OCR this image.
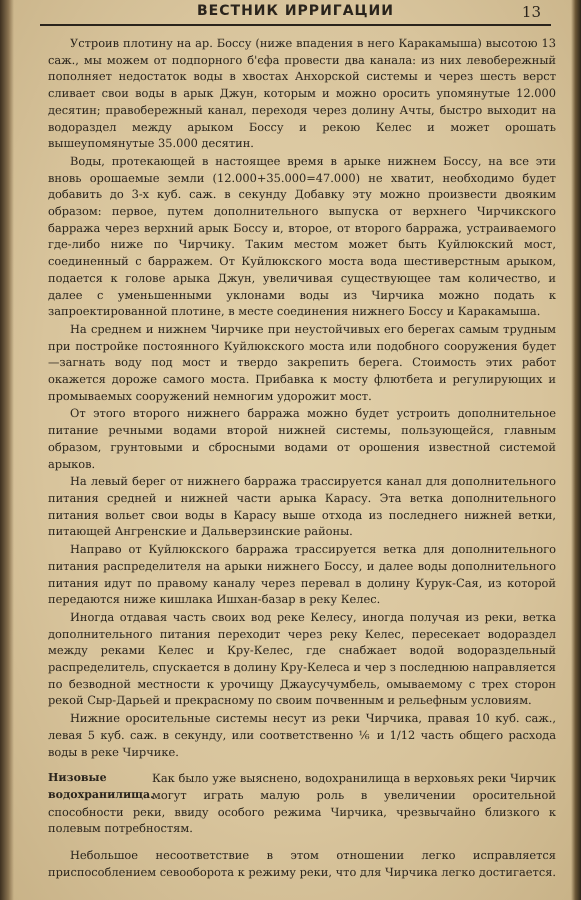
ВЕСТНИК ИРРИГАЦИИ	13

Устроив плотину на ар. Боссу (ниже впадения в него Каракамыша) высотою 13 саж., мы можем от подпорного б'єфа провести два канала: из них левобережный пополняет недостаток воды в хвостах Анхорской системы и через шесть верст сливает свои воды в арык Джун, которым и можно оросить упомянутые 12.000 десятин; правобережный канал, переходя через долину Ачты, быстро выходит на водораздел между арыком Боссу и рекою Келес и может орошать вышеупомянутые 35.000 десятин.

Воды, протекающей в настоящее время в арыке нижнем Боссу, на все эти вновь орошаемые земли (12.000+35.000=47.000) не хватит, необходимо будет добавить до 3-х куб. саж. в секунду Добавку эту можно произвести двояким образом: первое, путем дополнительного выпуска от верхнего Чирчикского барража через верхний арык Боссу и, второе, от второго барража, устраиваемого где-либо ниже по Чирчику. Таким местом может быть Куйлюкский мост, соединенный с барражем. От Куйлюкского моста вода шестиверстным арыком, подается к голове арыка Джун, увеличивая существующее там количество, и далее с уменьшенными уклонами воды из Чирчика можно подать к запроектированной плотине, в месте соединения нижнего Боссу и Каракамыша.

На среднем и нижнем Чирчике при неустойчивых его берегах самым трудным при постройке постоянного Куйлюкского моста или подобного сооружения будет—загнать воду под мост и твердо закрепить берега. Стоимость этих работ окажется дороже самого моста. Прибавка к мосту флютбета и регулирующих и промываемых сооружений немногим удорожит мост.

От этого второго нижнего барража можно будет устроить дополнительное питание речными водами второй нижней системы, пользующейся, главным образом, грунтовыми и сбросными водами от орошения известной системой арыков.

На левый берег от нижнего барража трассируется канал для дополнительного питания средней и нижней части арыка Карасу. Эта ветка дополнительного питания вольет свои воды в Карасу выше отхода из последнего нижней ветки, питающей Ангренские и Дальверзинские районы.

Направо от Куйлюкского барража трассируется ветка для дополнительного питания распределителя на арыки нижнего Боссу, и далее воды дополнительного питания идут по правому каналу через перевал в долину Курук-Сая, из которой передаются ниже кишлака Ишхан-базар в реку Келес.

Иногда отдавая часть своих вод реке Келесу, иногда получая из реки, ветка дополнительного питания переходит через реку Келес, пересекает водораздел между реками Келес и Кру-Келес, где снабжает водой водораздельный распределитель, спускается в долину Кру-Келеса и чер з последнюю направляется по безводной местности к урочищу Джаусучумбель, омываемому с трех сторон рекой Сыр-Дарьей и прекрасному по своим почвенным и рельефным условиям.

Нижние оросительные системы несут из реки Чирчика, правая 10 куб. саж., левая 5 куб. саж. в секунду, или соответственно ⅙ и 1/12 часть общего расхода воды в реке Чирчике.

Низовые водохранилища.
Как было уже выяснено, водохранилища в верховьях реки Чирчик могут играть малую роль в увеличении оросительной способности реки, ввиду особого режима Чирчика, чрезвычайно близкого к полевым потребностям.

Небольшое несоответствие в этом отношении легко исправляется приспособлением севооборота к режиму реки, что для Чирчика легко достигается.
